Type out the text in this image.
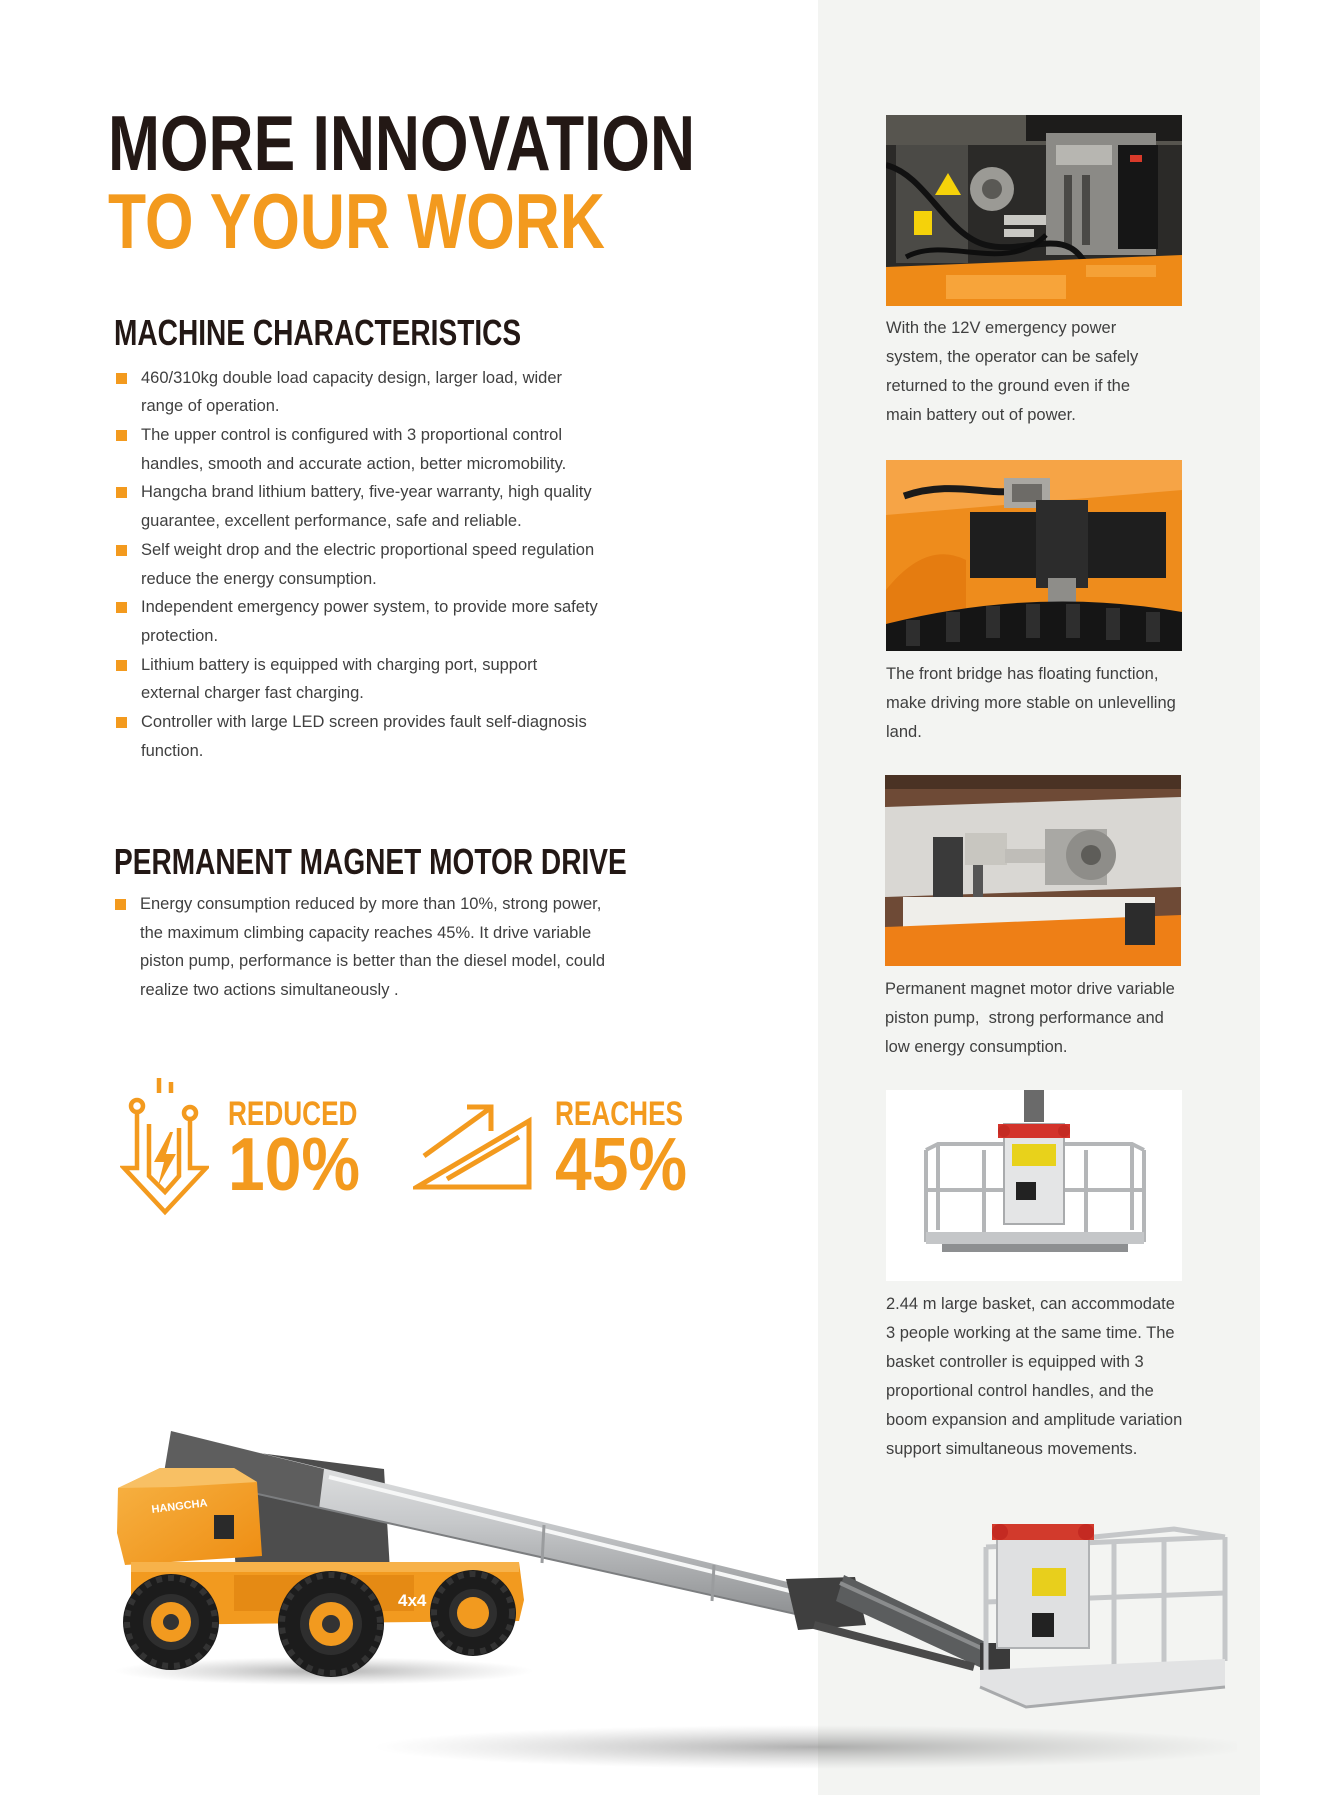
MORE INNOVATION
TO YOUR WORK
MACHINE CHARACTERISTICS
460/310kg double load capacity design, larger load, wider
range of operation.
The upper control is configured with 3 proportional control
handles, smooth and accurate action, better micromobility.
Hangcha brand lithium battery, five-year warranty, high quality
guarantee, excellent performance, safe and reliable.
Self weight drop and the electric proportional speed regulation
reduce the energy consumption.
Independent emergency power system, to provide more safety
protection.
Lithium battery is equipped with charging port, support
external charger fast charging.
Controller with large LED screen provides fault self-diagnosis
function.
PERMANENT MAGNET MOTOR DRIVE
Energy consumption reduced by more than 10%, strong power,
the maximum climbing capacity reaches 45%. It drive variable
piston pump, performance is better than the diesel model, could
realize two actions simultaneously .
REDUCED
10%
REACHES
45%
With the 12V emergency power
system, the operator can be safely
returned to the ground even if the
main battery out of power.
The front bridge has floating function,
make driving more stable on unlevelling
land.
Permanent magnet motor drive variable
piston pump,  strong performance and
low energy consumption.
2.44 m large basket, can accommodate
3 people working at the same time. The
basket controller is equipped with 3
proportional control handles, and the
boom expansion and amplitude variation
support simultaneous movements.
HANGCHA
4x4
